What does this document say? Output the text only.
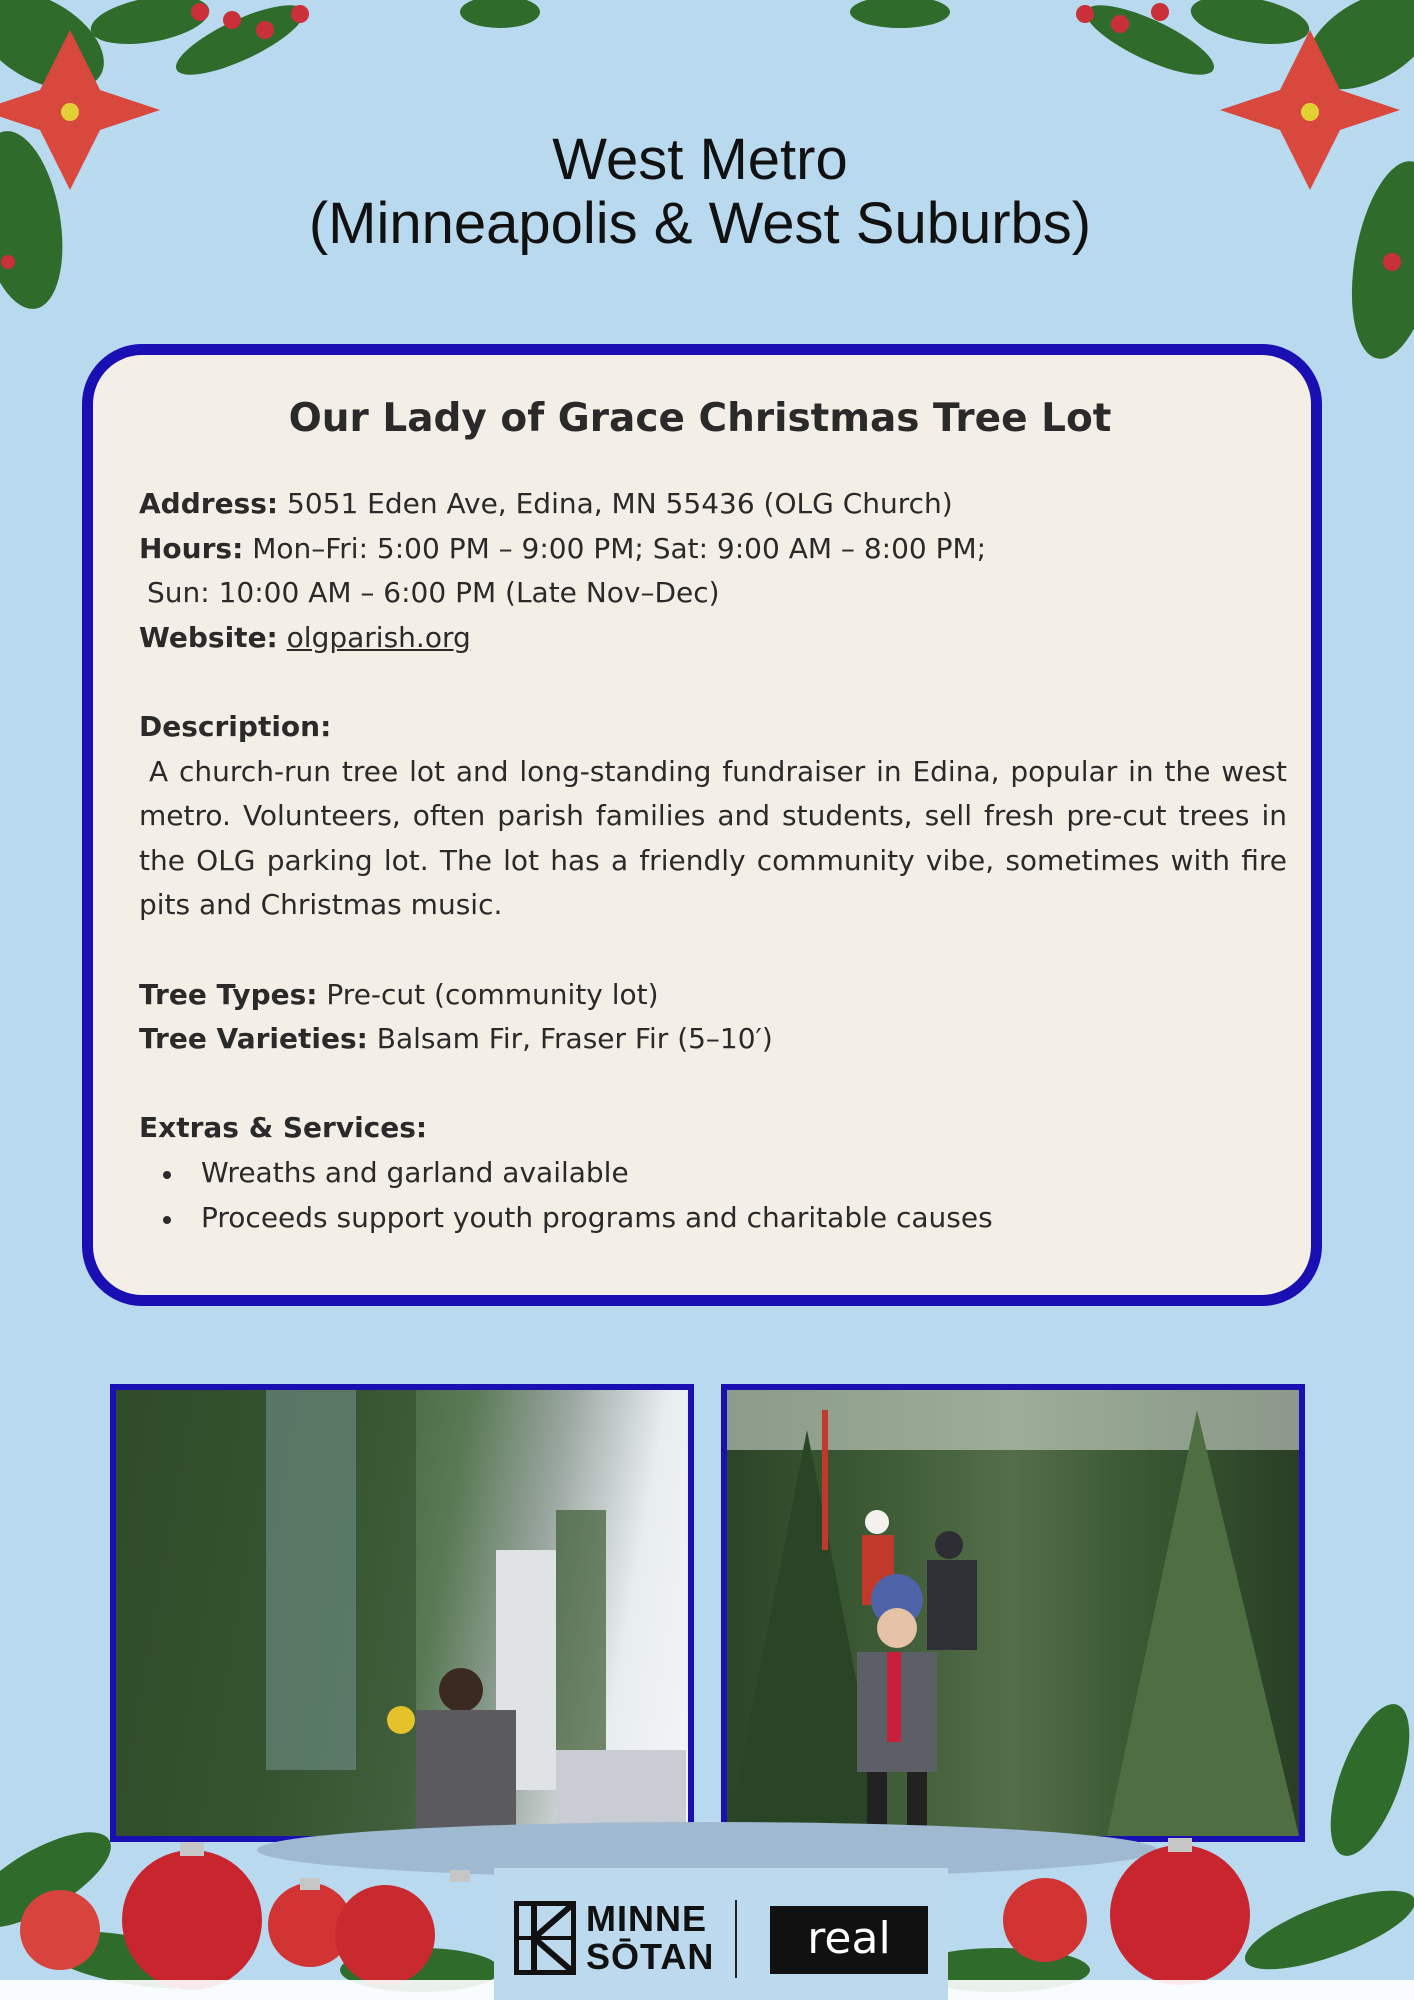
West Metro
(Minneapolis & West Suburbs)
Our Lady of Grace Christmas Tree Lot
Address: 5051 Eden Ave, Edina, MN 55436 (OLG Church)
Hours: Mon–Fri: 5:00 PM – 9:00 PM; Sat: 9:00 AM – 8:00 PM;
Sun: 10:00 AM – 6:00 PM (Late Nov–Dec)
Website: olgparish.org
Description:
A church-run tree lot and long-standing fundraiser in Edina, popular in the west metro. Volunteers, often parish families and students, sell fresh pre-cut trees in the OLG parking lot. The lot has a friendly community vibe, sometimes with fire pits and Christmas music.
Tree Types: Pre-cut (community lot)
Tree Varieties: Balsam Fir, Fraser Fir (5–10′)
Extras & Services:
Wreaths and garland available
Proceeds support youth programs and charitable causes
MINNE
SŌTAN	real
